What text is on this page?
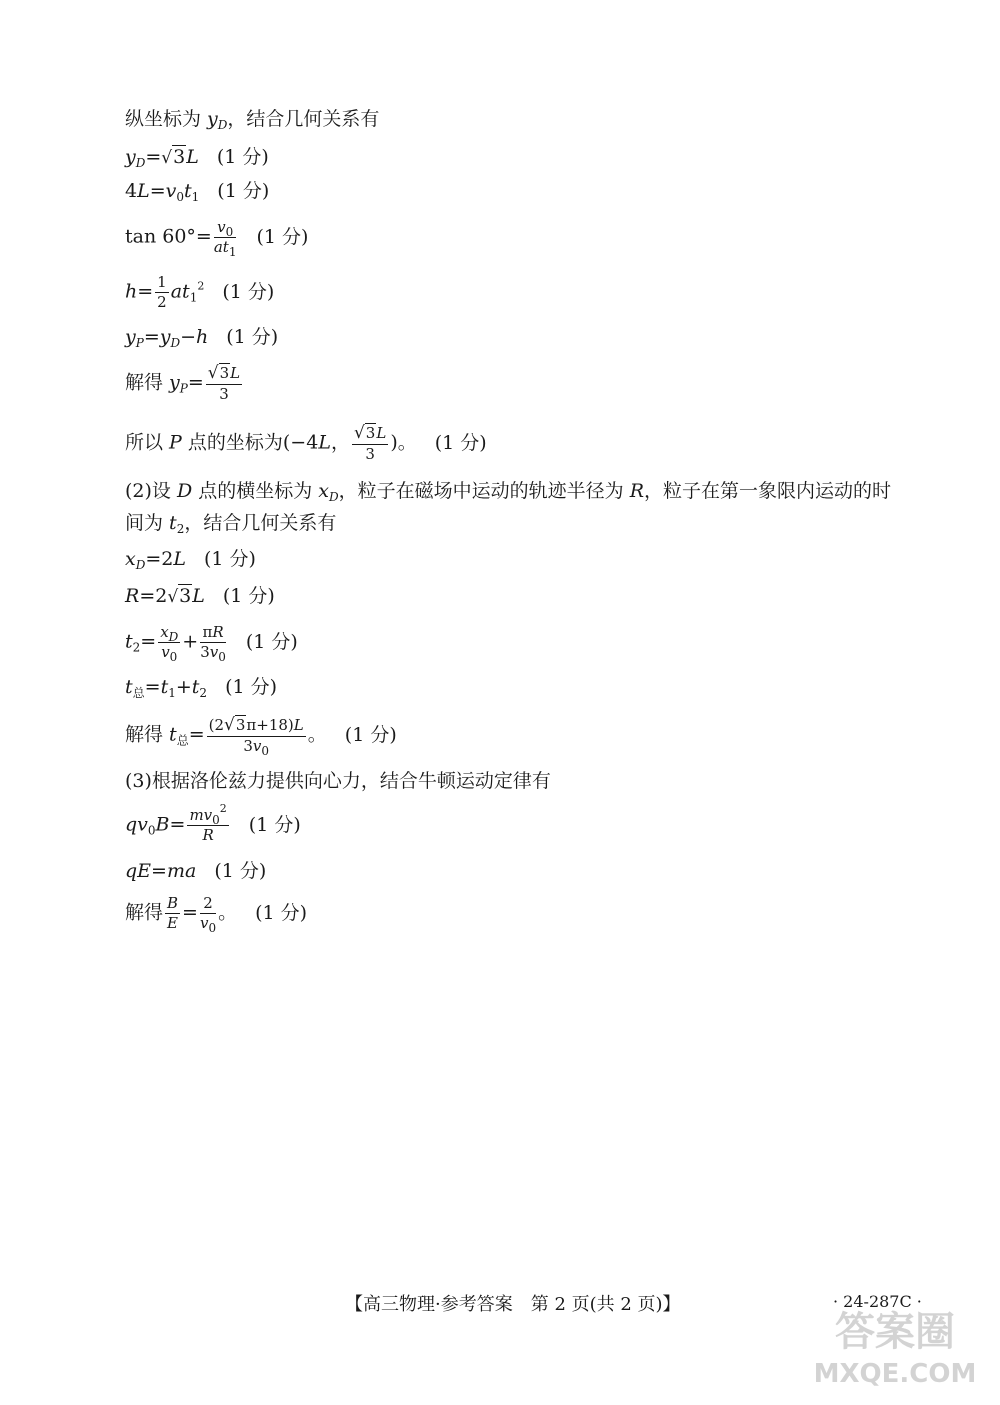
纵坐标为 $y_D$，结合几何关系有
$y_D=√3L$ (1 分)
$4L=v_0t_1$ (1 分)
$\tan 60^\circ= \frac{v_0}{at_1} (1$ 分)
$h= \frac{1}{2} at_1^2$ (1 分)
$y_P=y_D-h$ (1 分)
解得 $y_P= \frac{√3L}{3}$
所以 P 点的坐标为(−4L， $\frac{√3L}{3}$ )。 (1 分)
(2)设 D 点的横坐标为 $x_D$，粒子在磁场中运动的轨迹半径为 R，粒子在第一象限内运动的时
间为 $t_2$，结合几何关系有
$x_D=2L$ (1 分)
R=2√3L (1 分)
$t_2= \frac{x_D}{v_0} + \frac{\pi R}{3v_0} (1$ 分)
$t_总=t_1+t_2$ (1 分)
解得 $t_总= \frac{(2√3\pi+18)L}{3v_0}$ 。 (1 分)
(3)根据洛伦兹力提供向心力，结合牛顿运动定律有
$qv_0B= \frac{mv_0^2}{R} (1$ 分)
qE=ma (1 分)
解得 $\frac{B}{E} = \frac{2}{v_0}$ 。 (1 分)
【高三物理·参考答案　第 2 页(共 2 页)】	· 24-287C ·
答案圈
MXQE.COM
